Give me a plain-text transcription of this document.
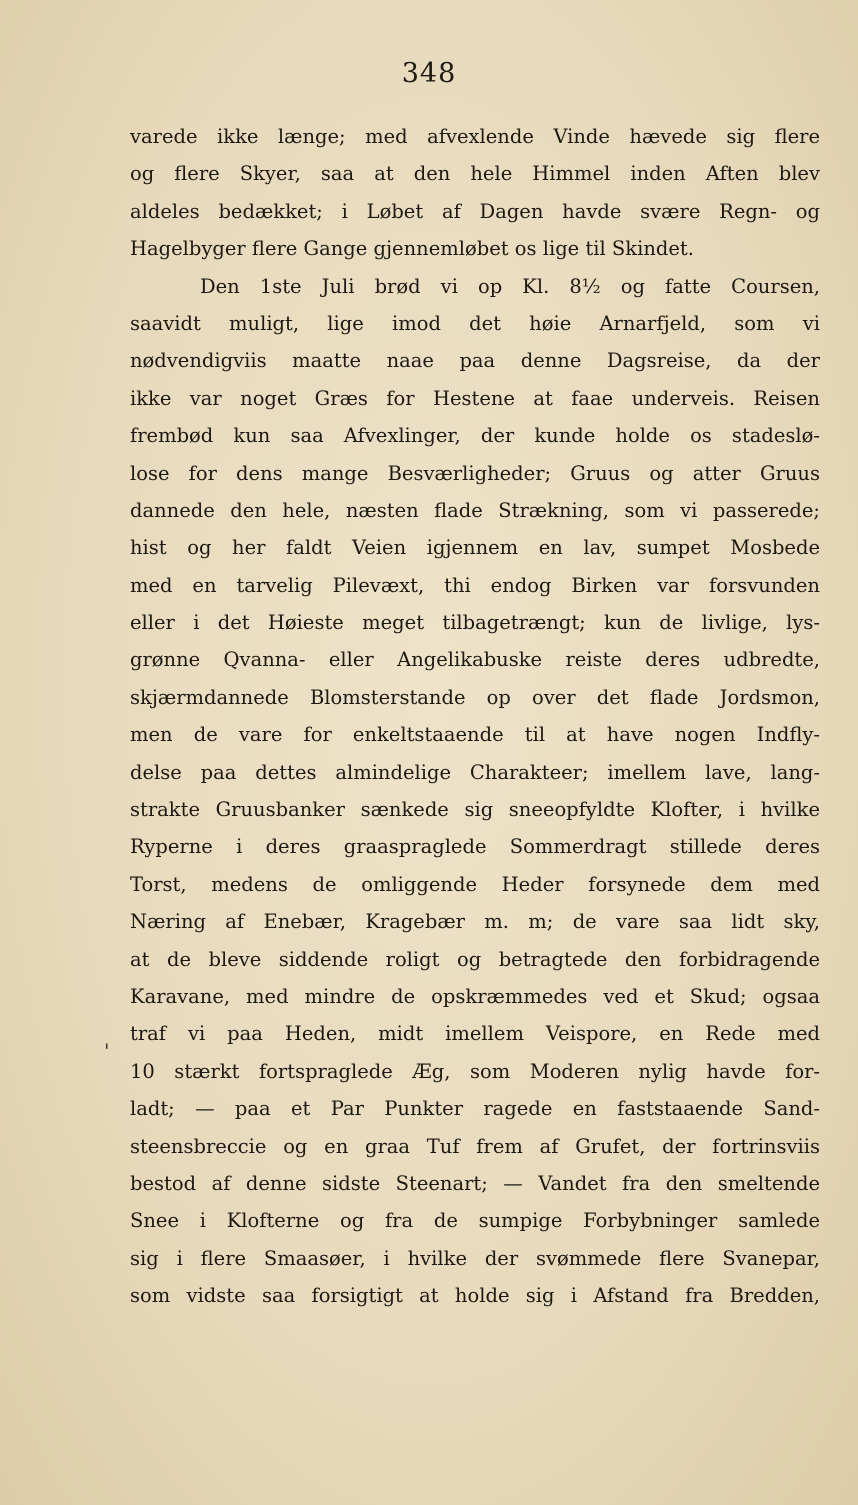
348
'
varede ikke længe; med afvexlende Vinde hævede sig flere
og flere Skyer, saa at den hele Himmel inden Aften blev
aldeles bedækket; i Løbet af Dagen havde svære Regn- og
Hagelbyger flere Gange gjennemløbet os lige til Skindet.
Den 1ste Juli brød vi op Kl. 8½ og fatte Coursen,
saavidt muligt, lige imod det høie Arnarfjeld, som vi
nødvendigviis maatte naae paa denne Dagsreise, da der
ikke var noget Græs for Hestene at faae underveis. Reisen
frembød kun saa Afvexlinger, der kunde holde os stadeslø-
lose for dens mange Besværligheder; Gruus og atter Gruus
dannede den hele, næsten flade Strækning, som vi passerede;
hist og her faldt Veien igjennem en lav, sumpet Mosbede
med en tarvelig Pilevæxt, thi endog Birken var forsvunden
eller i det Høieste meget tilbagetrængt; kun de livlige, lys-
grønne Qvanna- eller Angelikabuske reiste deres udbredte,
skjærmdannede Blomsterstande op over det flade Jordsmon,
men de vare for enkeltstaaende til at have nogen Indfly-
delse paa dettes almindelige Charakteer; imellem lave, lang-
strakte Gruusbanker sænkede sig sneeopfyldte Klofter, i hvilke
Ryperne i deres graaspraglede Sommerdragt stillede deres
Torst, medens de omliggende Heder forsynede dem med
Næring af Enebær, Kragebær m. m; de vare saa lidt sky,
at de bleve siddende roligt og betragtede den forbidragende
Karavane, med mindre de opskræmmedes ved et Skud; ogsaa
traf vi paa Heden, midt imellem Veispore, en Rede med
10 stærkt fortspraglede Æg, som Moderen nylig havde for-
ladt; — paa et Par Punkter ragede en faststaaende Sand-
steensbreccie og en graa Tuf frem af Grufet, der fortrinsviis
bestod af denne sidste Steenart; — Vandet fra den smeltende
Snee i Klofterne og fra de sumpige Forbybninger samlede
sig i flere Smaasøer, i hvilke der svømmede flere Svanepar,
som vidste saa forsigtigt at holde sig i Afstand fra Bredden,
